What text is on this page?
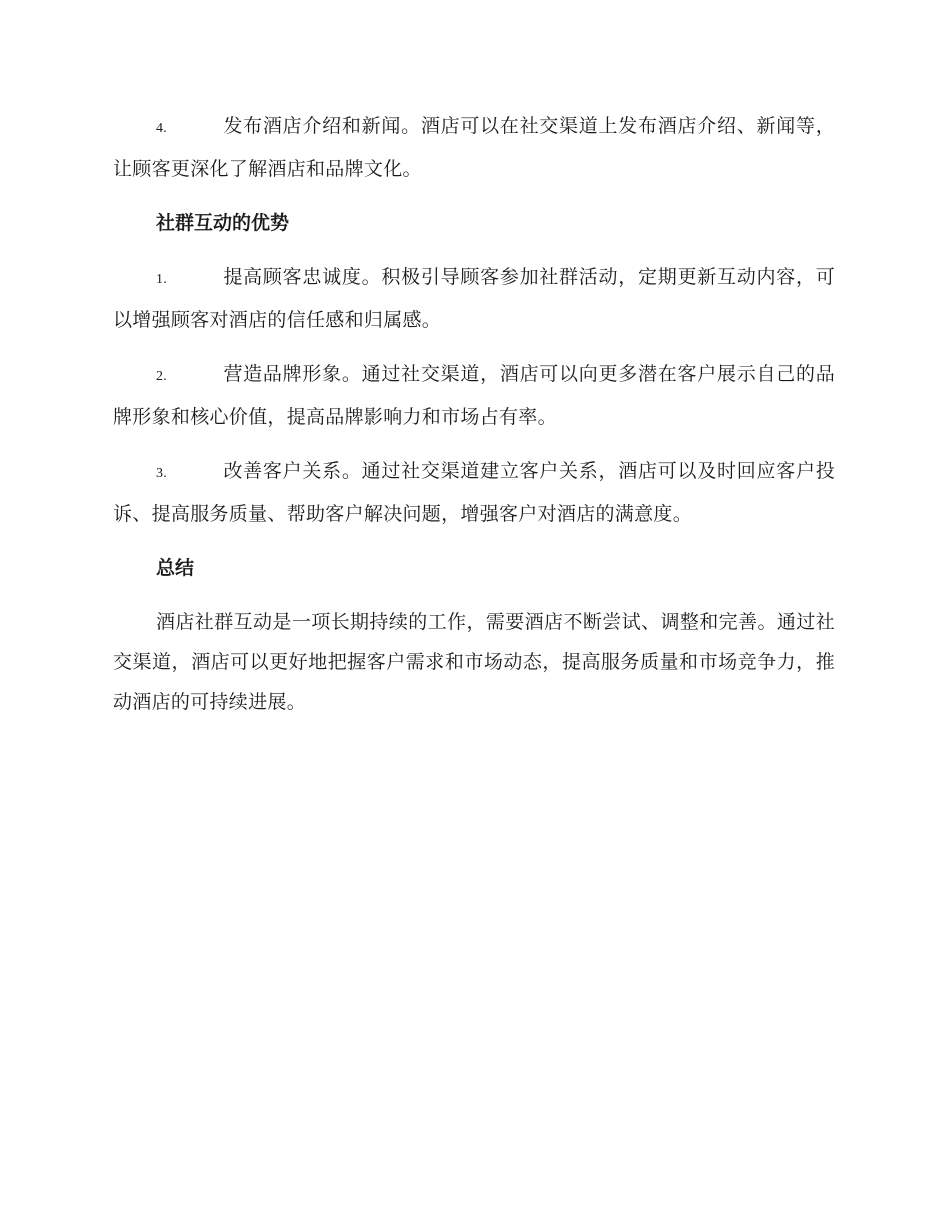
4.	发布酒店介绍和新闻。酒店可以在社交渠道上发布酒店介绍、新闻等，让顾客更深化了解酒店和品牌文化。

社群互动的优势

1.	提高顾客忠诚度。积极引导顾客参加社群活动，定期更新互动内容，可以增强顾客对酒店的信任感和归属感。

2.	营造品牌形象。通过社交渠道，酒店可以向更多潜在客户展示自己的品牌形象和核心价值，提高品牌影响力和市场占有率。

3.	改善客户关系。通过社交渠道建立客户关系，酒店可以及时回应客户投诉、提高服务质量、帮助客户解决问题，增强客户对酒店的满意度。

总结

酒店社群互动是一项长期持续的工作，需要酒店不断尝试、调整和完善。通过社交渠道，酒店可以更好地把握客户需求和市场动态，提高服务质量和市场竞争力，推动酒店的可持续进展。
